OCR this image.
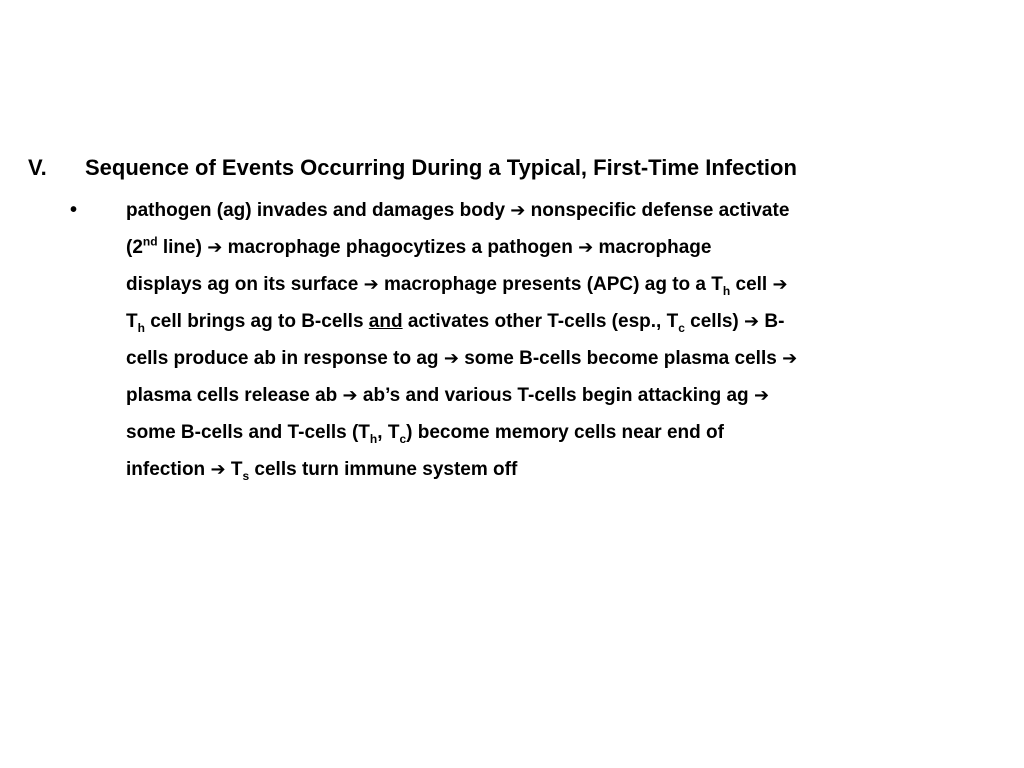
V. Sequence of Events Occurring During a Typical, First-Time Infection
•	pathogen (ag) invades and damages body ➔ nonspecific defense activate
(2nd line) ➔ macrophage phagocytizes a pathogen ➔ macrophage
displays ag on its surface ➔ macrophage presents (APC) ag to a $T_h$ cell ➔
$T_h$ cell brings ag to B-cells and activates other T-cells (esp., $T_c$ cells) ➔ B-
cells produce ab in response to ag ➔ some B-cells become plasma cells ➔
plasma cells release ab ➔ ab’s and various T-cells begin attacking ag ➔
some B-cells and T-cells ($T_h$, $T_c$) become memory cells near end of
infection ➔ $T_s$ cells turn immune system off
